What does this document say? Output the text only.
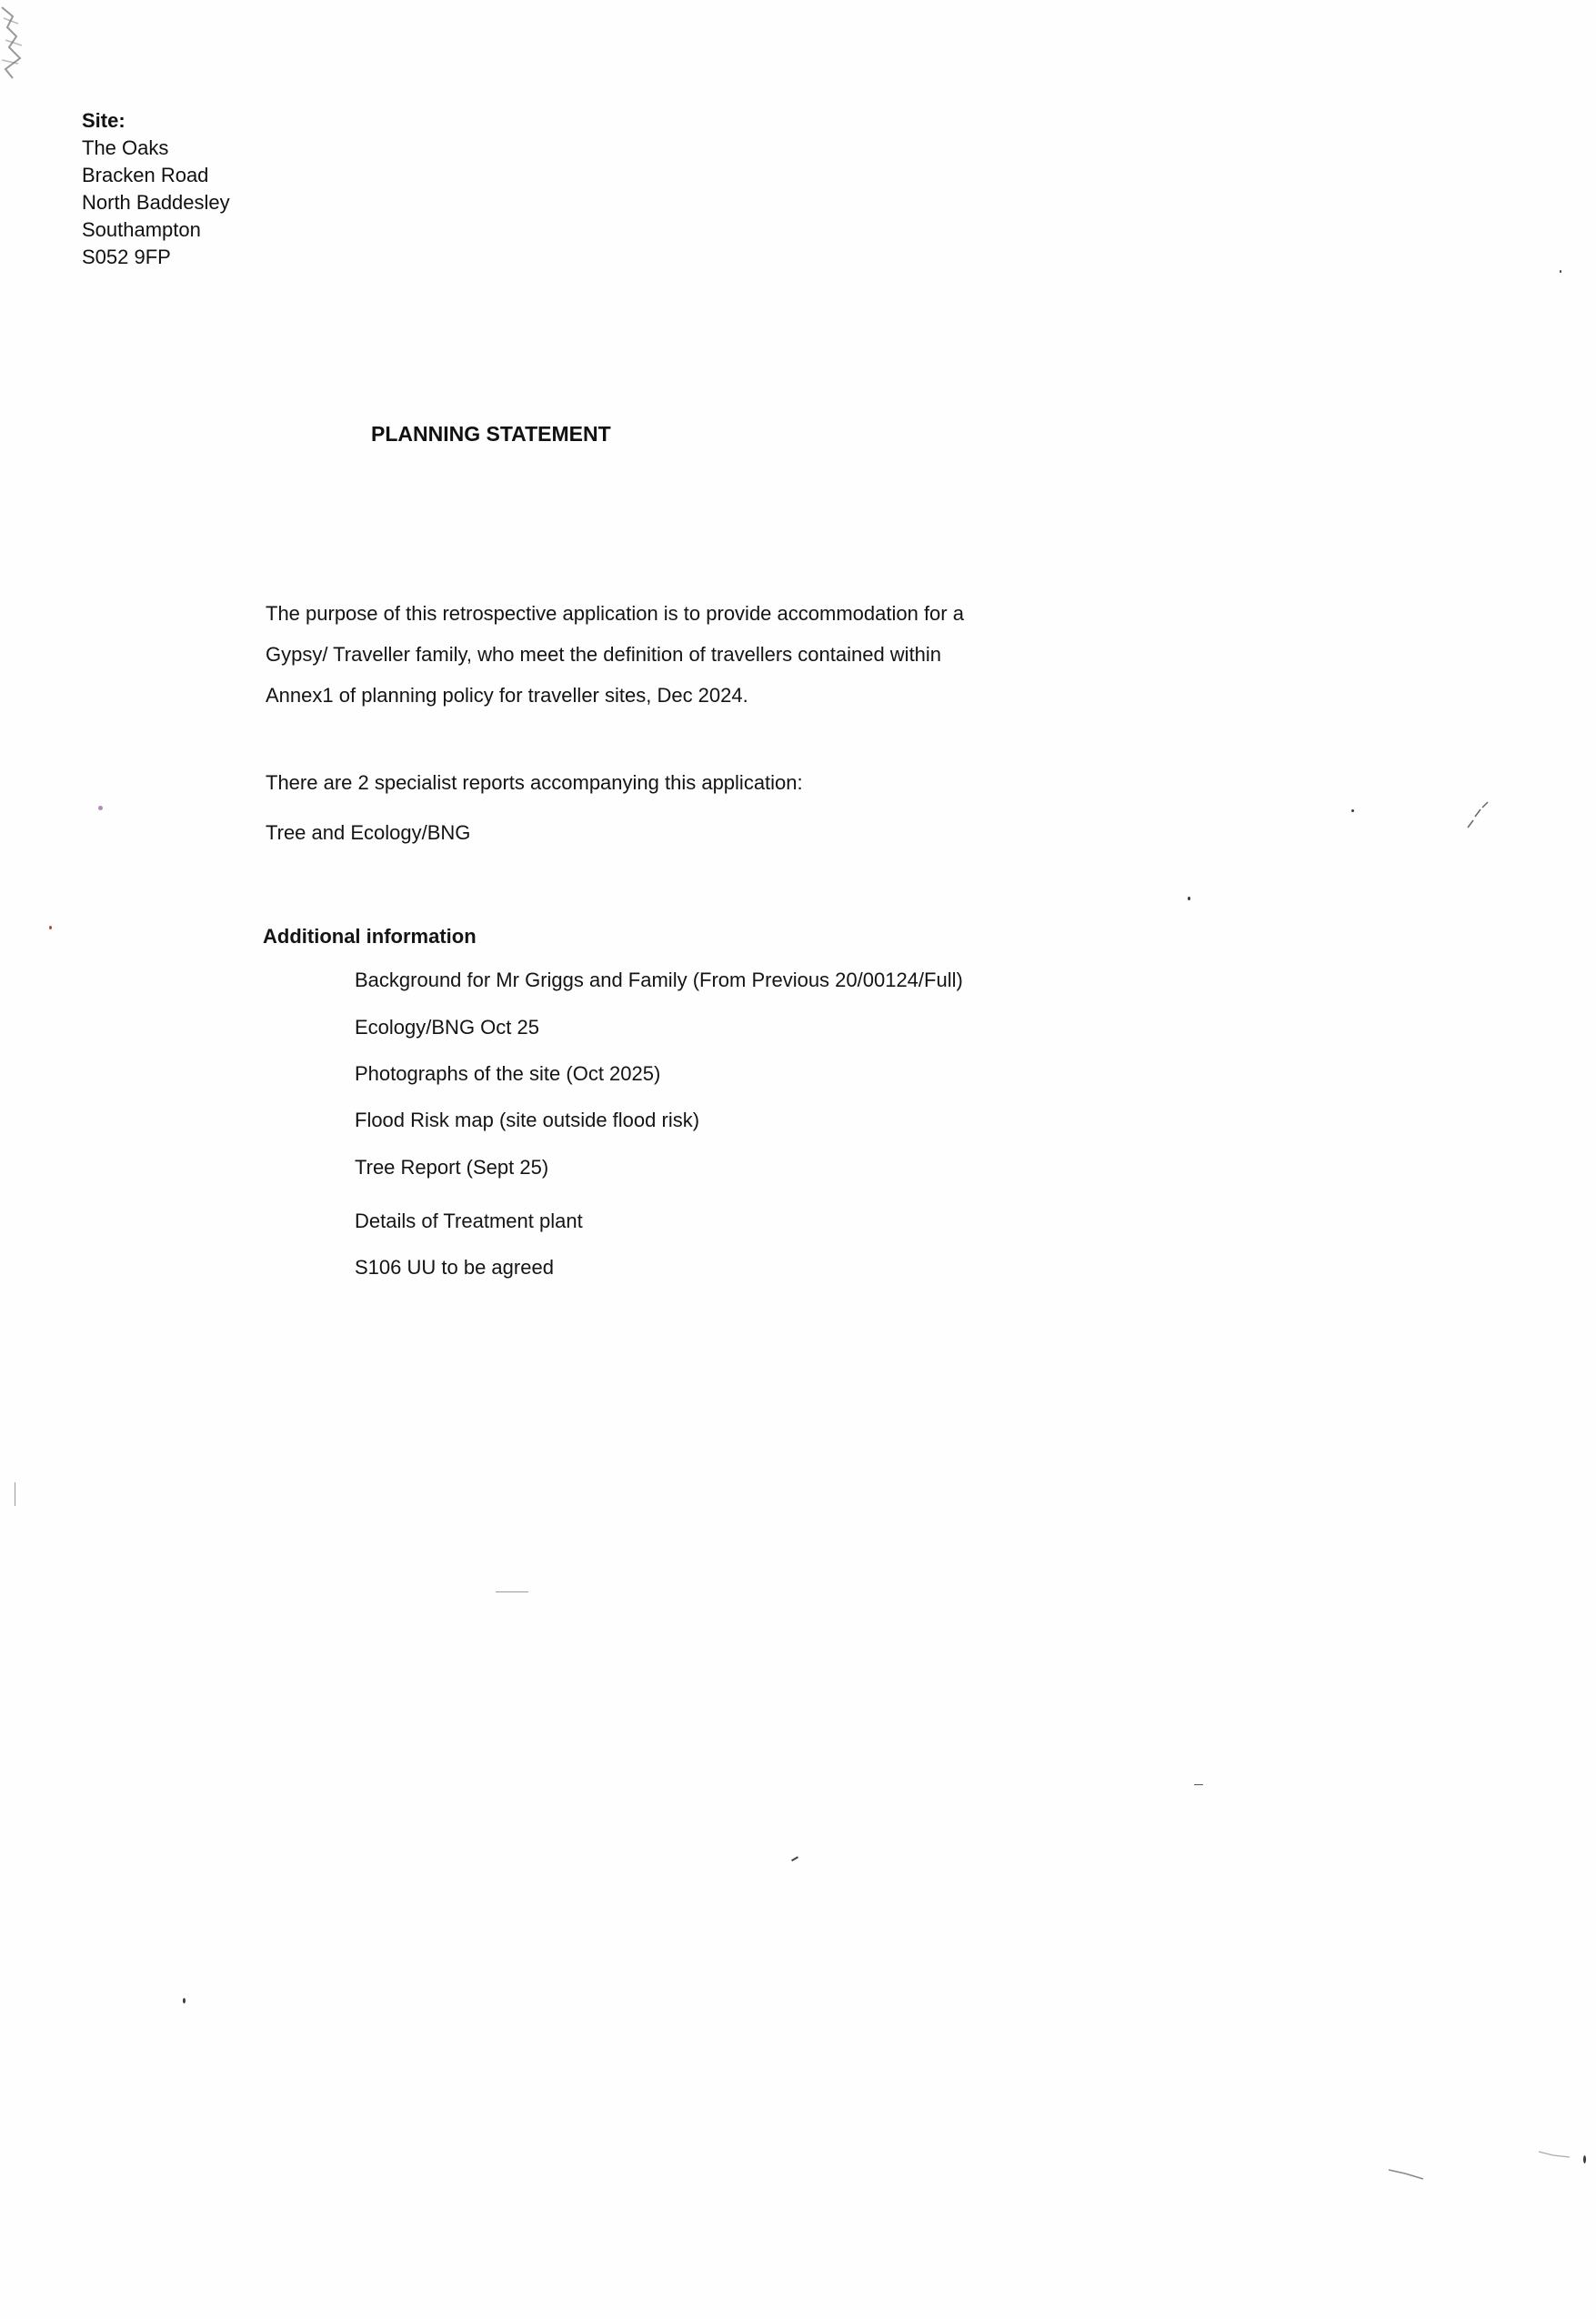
Site:
The Oaks
Bracken Road
North Baddesley
Southampton
S052 9FP
PLANNING STATEMENT
The purpose of this retrospective application is to provide accommodation for a
Gypsy/ Traveller family, who meet the definition of travellers contained within
Annex1 of planning policy for traveller sites, Dec 2024.
There are 2 specialist reports accompanying this application:
Tree and Ecology/BNG
Additional information
Background for Mr Griggs and Family (From Previous 20/00124/Full)
Ecology/BNG Oct 25
Photographs of the site (Oct 2025)
Flood Risk map (site outside flood risk)
Tree Report (Sept 25)
Details of Treatment plant
S106 UU to be agreed
